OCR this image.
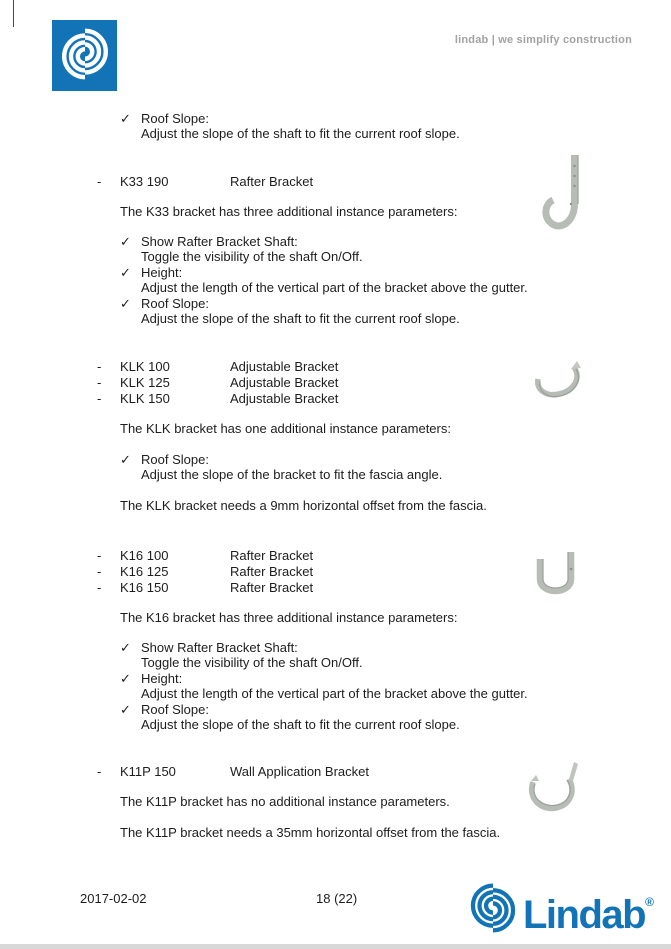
lindab | we simplify construction
✓ Roof Slope:
Adjust the slope of the shaft to fit the current roof slope.
- K33 190	Rafter Bracket
The K33 bracket has three additional instance parameters:
✓ Show Rafter Bracket Shaft:
Toggle the visibility of the shaft On/Off.
✓ Height:
Adjust the length of the vertical part of the bracket above the gutter.
✓ Roof Slope:
Adjust the slope of the shaft to fit the current roof slope.
- KLK 100	Adjustable Bracket
- KLK 125	Adjustable Bracket
- KLK 150	Adjustable Bracket
The KLK bracket has one additional instance parameters:
✓ Roof Slope:
Adjust the slope of the bracket to fit the fascia angle.
The KLK bracket needs a 9mm horizontal offset from the fascia.
- K16 100	Rafter Bracket
- K16 125	Rafter Bracket
- K16 150	Rafter Bracket
The K16 bracket has three additional instance parameters:
✓ Show Rafter Bracket Shaft:
Toggle the visibility of the shaft On/Off.
✓ Height:
Adjust the length of the vertical part of the bracket above the gutter.
✓ Roof Slope:
Adjust the slope of the shaft to fit the current roof slope.
- K11P 150	Wall Application Bracket
The K11P bracket has no additional instance parameters.
The K11P bracket needs a 35mm horizontal offset from the fascia.
2017-02-02	18 (22)	Lindab®
